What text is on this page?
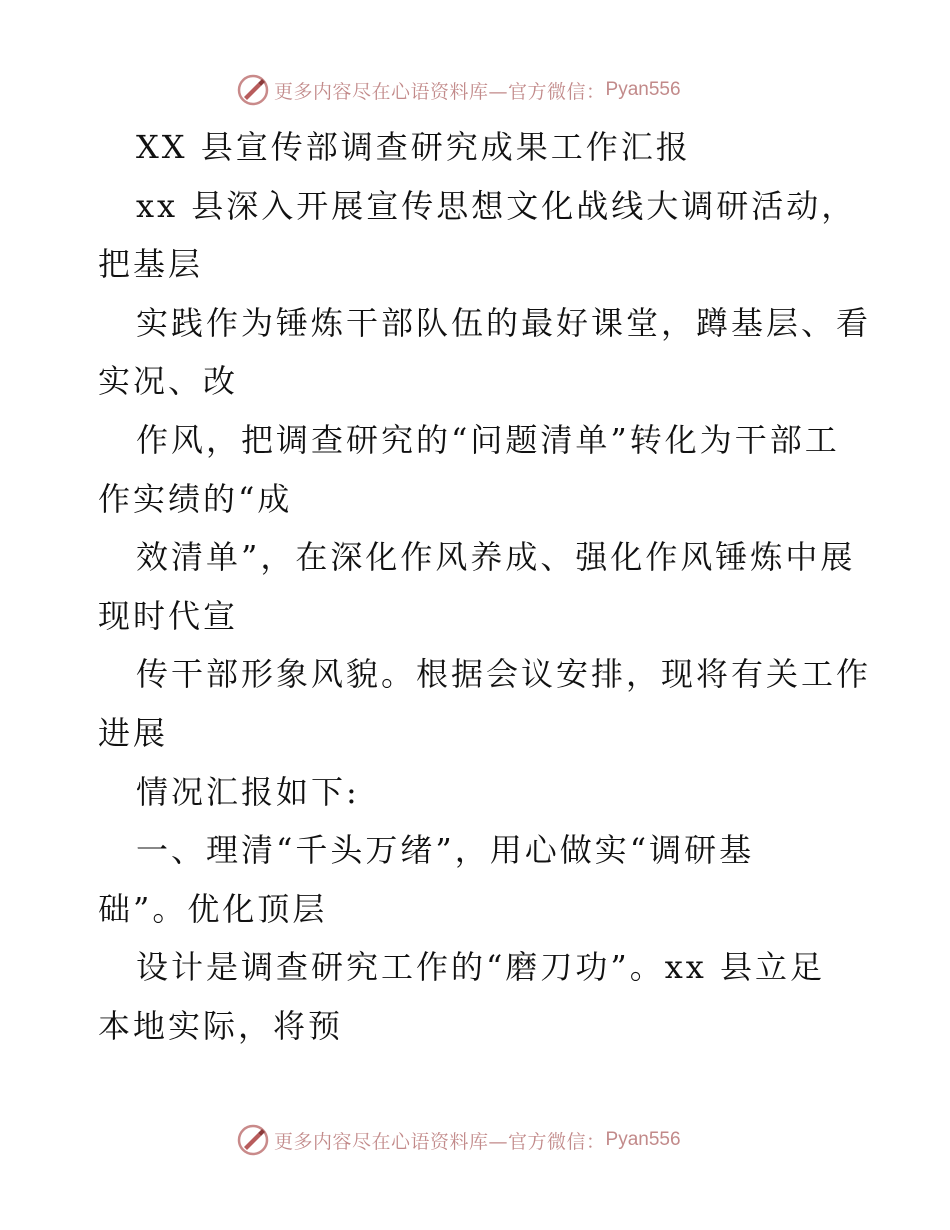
更多内容尽在心语资料库—官方微信： Pyan556
XX 县宣传部调查研究成果工作汇报
xx 县深入开展宣传思想文化战线大调研活动，
把基层
实践作为锤炼干部队伍的最好课堂，蹲基层、看
实况、改
作风，把调查研究的“问题清单”转化为干部工
作实绩的“成
效清单”，在深化作风养成、强化作风锤炼中展
现时代宣
传干部形象风貌。根据会议安排，现将有关工作
进展
情况汇报如下:
一、理清“千头万绪”，用心做实“调研基
础”。优化顶层
设计是调查研究工作的“磨刀功”。xx 县立足
本地实际，将预
更多内容尽在心语资料库—官方微信： Pyan556
